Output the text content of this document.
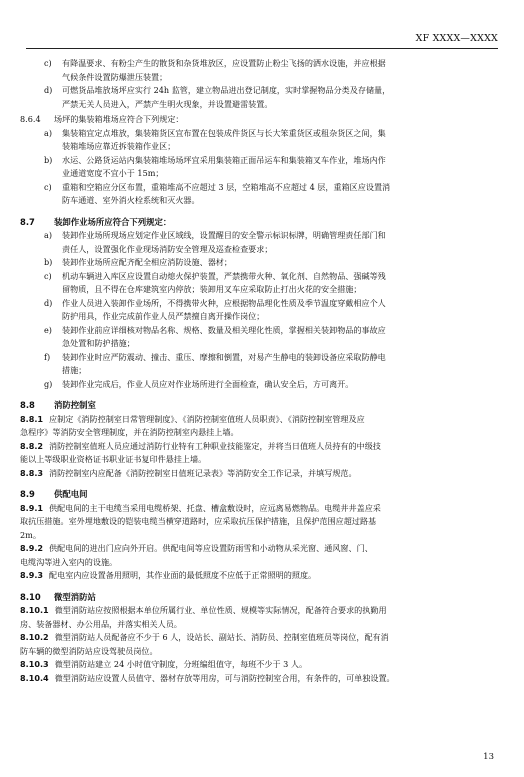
XF XXXX—XXXX
c) 有降温要求、有粉尘产生的散货和杂货堆放区，应设置防止粉尘飞扬的洒水设施，并应根据
气候条件设置防爆泄压装置；
d) 可燃货品堆放场坪应实行 24h 监管，建立物品进出登记制度，实时掌握物品分类及存储量，
严禁无关人员进入，严禁产生明火现象，并设置避雷装置。
8.6.4 场坪的集装箱堆场应符合下列规定：
a) 集装箱宜定点堆放，集装箱货区宜布置在包装成件货区与长大笨重货区或租杂货区之间，集
装箱堆场应靠近拆装箱作业区；
b) 水运、公路货运站内集装箱堆场场坪宜采用集装箱正面吊运车和集装箱叉车作业，堆场内作
业通道宽度不宜小于 15m；
c) 重箱和空箱应分区布置，重箱堆高不应超过 3 层，空箱堆高不应超过 4 层，重箱区应设置消
防车通道、室外消火栓系统和灭火器。
8.7 装卸作业场所应符合下列规定：
a) 装卸作业场所现场应划定作业区域线，设置醒目的安全警示标识标牌，明确管理责任部门和
责任人，设置强化作业现场消防安全管理及巡查检查要求；
b) 装卸作业场所应配齐配全相应消防设施、器材；
c) 机动车辆进入库区应设置自动熄火保护装置，严禁携带火种、氧化剂、自然物品、强碱等残
留物质，且不得在仓库建筑室内停放；装卸用叉车应采取防止打出火花的安全措施；
d) 作业人员进入装卸作业场所，不得携带火种，应根据物品理化性质及季节温度穿戴相应个人
防护用具，作业完成前作业人员严禁擅自离开操作岗位；
e) 装卸作业前应详细核对物品名称、规格、数量及相关理化性质，掌握相关装卸物品的事故应
急处置和防护措施；
f) 装卸作业时应严防震动、撞击、重压、摩擦和倒置，对易产生静电的装卸设备应采取防静电
措施；
g) 装卸作业完成后，作业人员应对作业场所进行全面检查，确认安全后，方可离开。
8.8 消防控制室
8.8.1 应制定《消防控制室日常管理制度》、《消防控制室值班人员职责》、《消防控制室管理及应
急程序》等消防安全管理制度，并在消防控制室内悬挂上墙。
8.8.2 消防控制室值班人员应通过消防行业特有工种职业技能鉴定，并将当日值班人员持有的中级技
能以上等级职业资格证书职业证书复印件悬挂上墙。
8.8.3 消防控制室内应配备《消防控制室日值班记录表》等消防安全工作记录，并填写规范。
8.9 供配电间
8.9.1 供配电间的主干电缆当采用电缆桥架、托盘、槽盒敷设时，应远离易燃物品。电缆井井盖应采
取抗压措施。室外埋地敷设的铠装电缆当横穿道路时，应采取抗压保护措施，且保护范围应超过路基
2m。
8.9.2 供配电间的进出门应向外开启。供配电间等应设置防雨雪和小动物从采光窗、通风窗、门、
电缆沟等进入室内的设施。
8.9.3 配电室内应设置备用照明，其作业面的最低照度不应低于正常照明的照度。
8.10 微型消防站
8.10.1 微型消防站应按照根据本单位所属行业、单位性质、规模等实际情况，配备符合要求的执勤用
房、装备器材、办公用品，并落实相关人员。
8.10.2 微型消防站人员配备应不少于 6 人，设站长、副站长、消防员、控制室值班员等岗位，配有消
防车辆的微型消防站应设驾驶员岗位。
8.10.3 微型消防站建立 24 小时值守制度，分班编组值守，每班不少于 3 人。
8.10.4 微型消防站应设置人员值守、器材存放等用房，可与消防控制室合用，有条件的，可单独设置。
13
